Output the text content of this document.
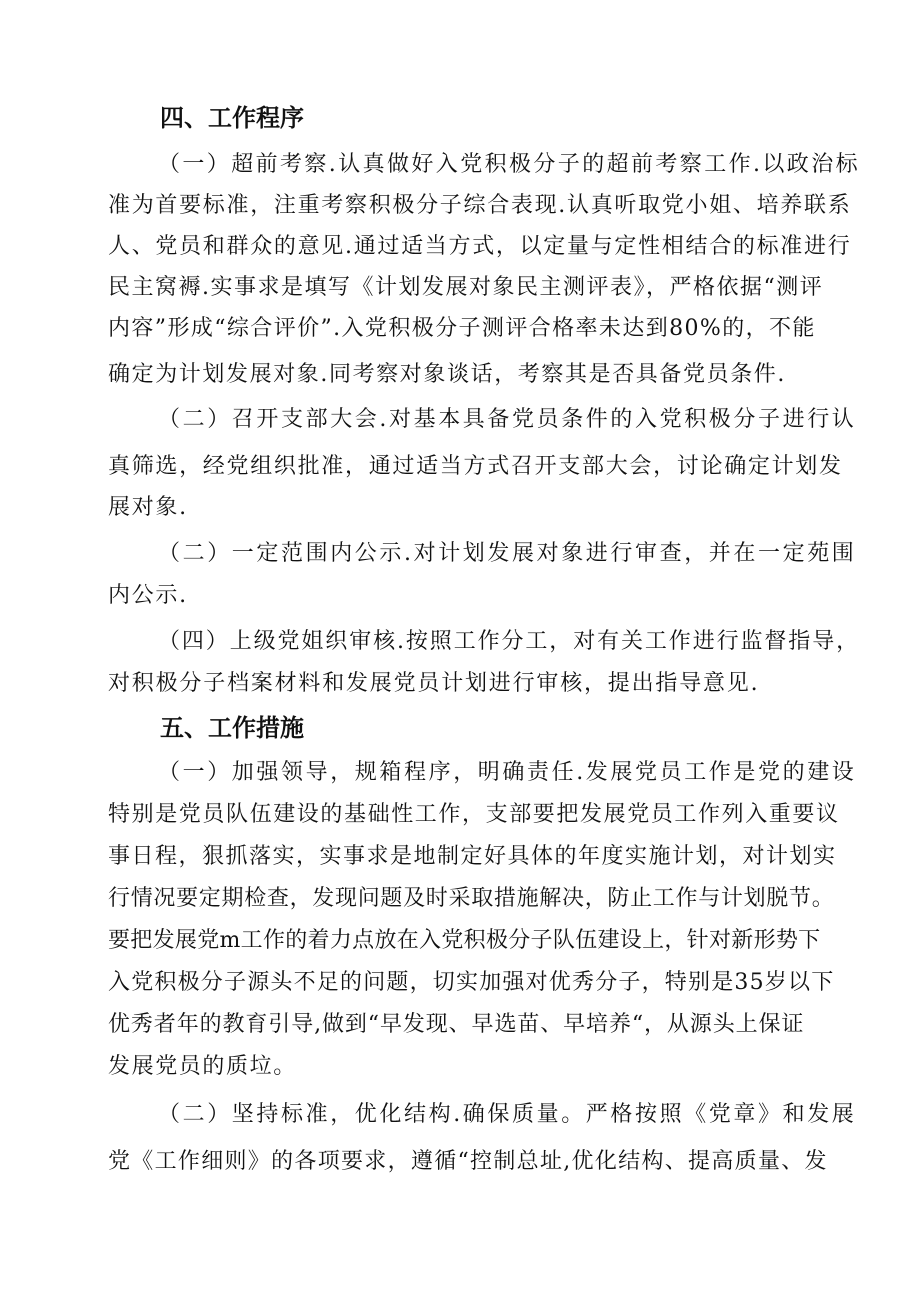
四、工作程序

（一）超前考察.认真做好入党积极分子的超前考察工作.以政治标

准为首要标准，注重考察积极分子综合表现.认真听取党小姐、培养联系

人、党员和群众的意见.通过适当方式，以定量与定性相结合的标准进行

民主窝褥.实事求是填写《计划发展对象民主测评表》，严格依据“测评

内容”形成“综合评价”.入党积极分子测评合格率未达到80%的，不能

确定为计划发展对象.同考察对象谈话，考察其是否具备党员条件.

（二）召开支部大会.对基本具备党员条件的入党积极分子进行认

真筛选，经党组织批准，通过适当方式召开支部大会，讨论确定计划发

展对象.

（二）一定范围内公示.对计划发展对象进行审查，并在一定苑围

内公示.

（四）上级党姐织审核.按照工作分工，对有关工作进行监督指导，

对积极分子档案材料和发展党员计划进行审核，提出指导意见.

五、工作措施

（一）加强领导，规箱程序，明确责任.发展党员工作是党的建设

特别是党员队伍建设的基础性工作，支部要把发展党员工作列入重要议

事日程，狠抓落实，实事求是地制定好具体的年度实施计划，对计划实

行情况要定期检查，发现问题及时采取措施解决，防止工作与计划脱节。

要把发展党m工作的着力点放在入党积极分子队伍建设上，针对新形势下

入党积极分子源头不足的问题，切实加强对优秀分子，特别是35岁以下

优秀者年的教育引导,做到“早发现、早选苗、早培养“，从源头上保证

发展党员的质垃。

（二）坚持标准，优化结构.确保质量。严格按照《党章》和发展

党《工作细则》的各项要求，遵循“控制总址,优化结构、提高质量、发
